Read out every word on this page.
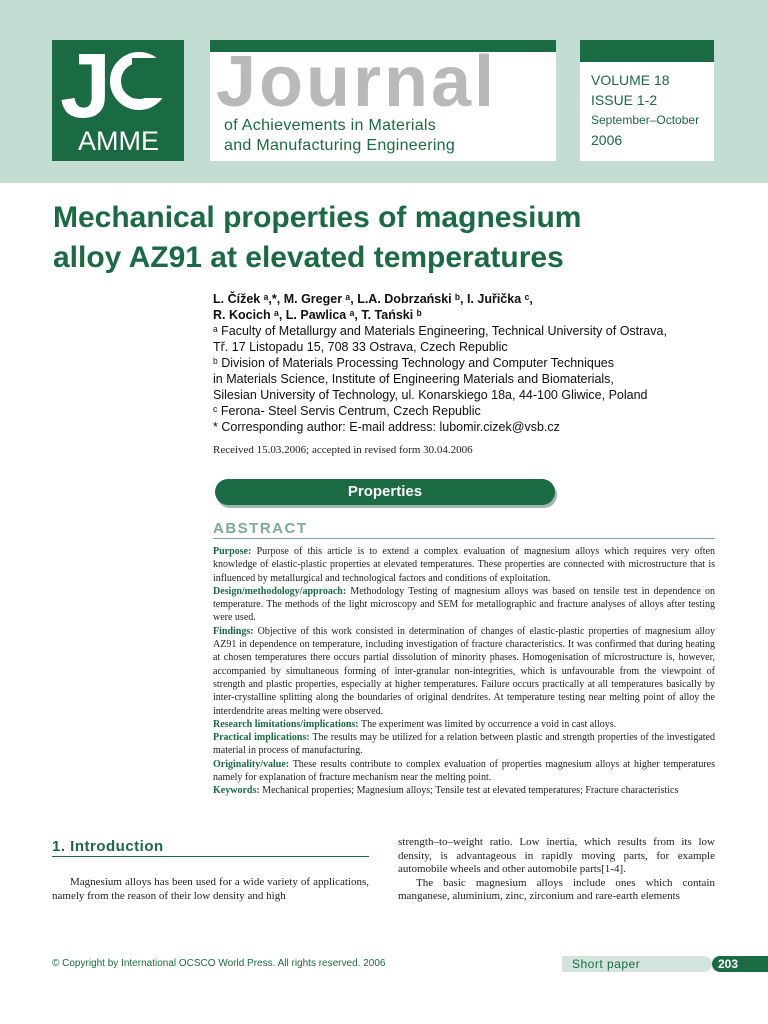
J
AMME
Journal
of Achievements in Materials
and Manufacturing Engineering
VOLUME 18
ISSUE 1-2
September–October
2006
Mechanical properties of magnesium
alloy AZ91 at elevated temperatures
L. Čížek ᵃ,*, M. Greger ᵃ, L.A. Dobrzański ᵇ, I. Juřička ᶜ,
R. Kocich ᵃ, L. Pawlica ᵃ, T. Tański ᵇ
ᵃ Faculty of Metallurgy and Materials Engineering, Technical University of Ostrava,
Tř. 17 Listopadu 15, 708 33 Ostrava, Czech Republic
ᵇ Division of Materials Processing Technology and Computer Techniques
in Materials Science, Institute of Engineering Materials and Biomaterials,
Silesian University of Technology, ul. Konarskiego 18a, 44-100 Gliwice, Poland
ᶜ Ferona- Steel Servis Centrum, Czech Republic
* Corresponding author: E-mail address: lubomir.cizek@vsb.cz
Received 15.03.2006; accepted in revised form 30.04.2006
Properties
ABSTRACT

Purpose: Purpose of this article is to extend a complex evaluation of magnesium alloys which requires very often knowledge of elastic-plastic properties at elevated temperatures. These properties are connected with microstructure that is influenced by metallurgical and technological factors and conditions of exploitation.

Design/methodology/approach: Methodology Testing of magnesium alloys was based on tensile test in dependence on temperature. The methods of the light microscopy and SEM for metallographic and fracture analyses of alloys after testing were used.

Findings: Objective of this work consisted in determination of changes of elastic-plastic properties of magnesium alloy AZ91 in dependence on temperature, including investigation of fracture characteristics. It was confirmed that during heating at chosen temperatures there occurs partial dissolution of minority phases. Homogenisation of microstructure is, however, accompanied by simultaneous forming of inter-granular non-integrities, which is unfavourable from the viewpoint of strength and plastic properties, especially at higher temperatures. Failure occurs practically at all temperatures basically by inter-crystalline splitting along the boundaries of original dendrites. At temperature testing near melting point of alloy the interdendrite areas melting were observed.

Research limitations/implications: The experiment was limited by occurrence a void in cast alloys.

Practical implications: The results may be utilized for a relation between plastic and strength properties of the investigated material in process of manufacturing.

Originality/value: These results contribute to complex evaluation of properties magnesium alloys at higher temperatures namely for explanation of fracture mechanism near the melting point.

Keywords: Mechanical properties; Magnesium alloys; Tensile test at elevated temperatures; Fracture characteristics

1. Introduction

Magnesium alloys has been used for a wide variety of applications, namely from the reason of their low density and high

strength–to–weight ratio. Low inertia, which results from its low density, is advantageous in rapidly moving parts, for example automobile wheels and other automobile parts[1-4].

The basic magnesium alloys include ones which contain manganese, aluminium, zinc, zirconium and rare-earth elements

© Copyright by International OCSCO World Press. All rights reserved. 2006	Short paper	203
